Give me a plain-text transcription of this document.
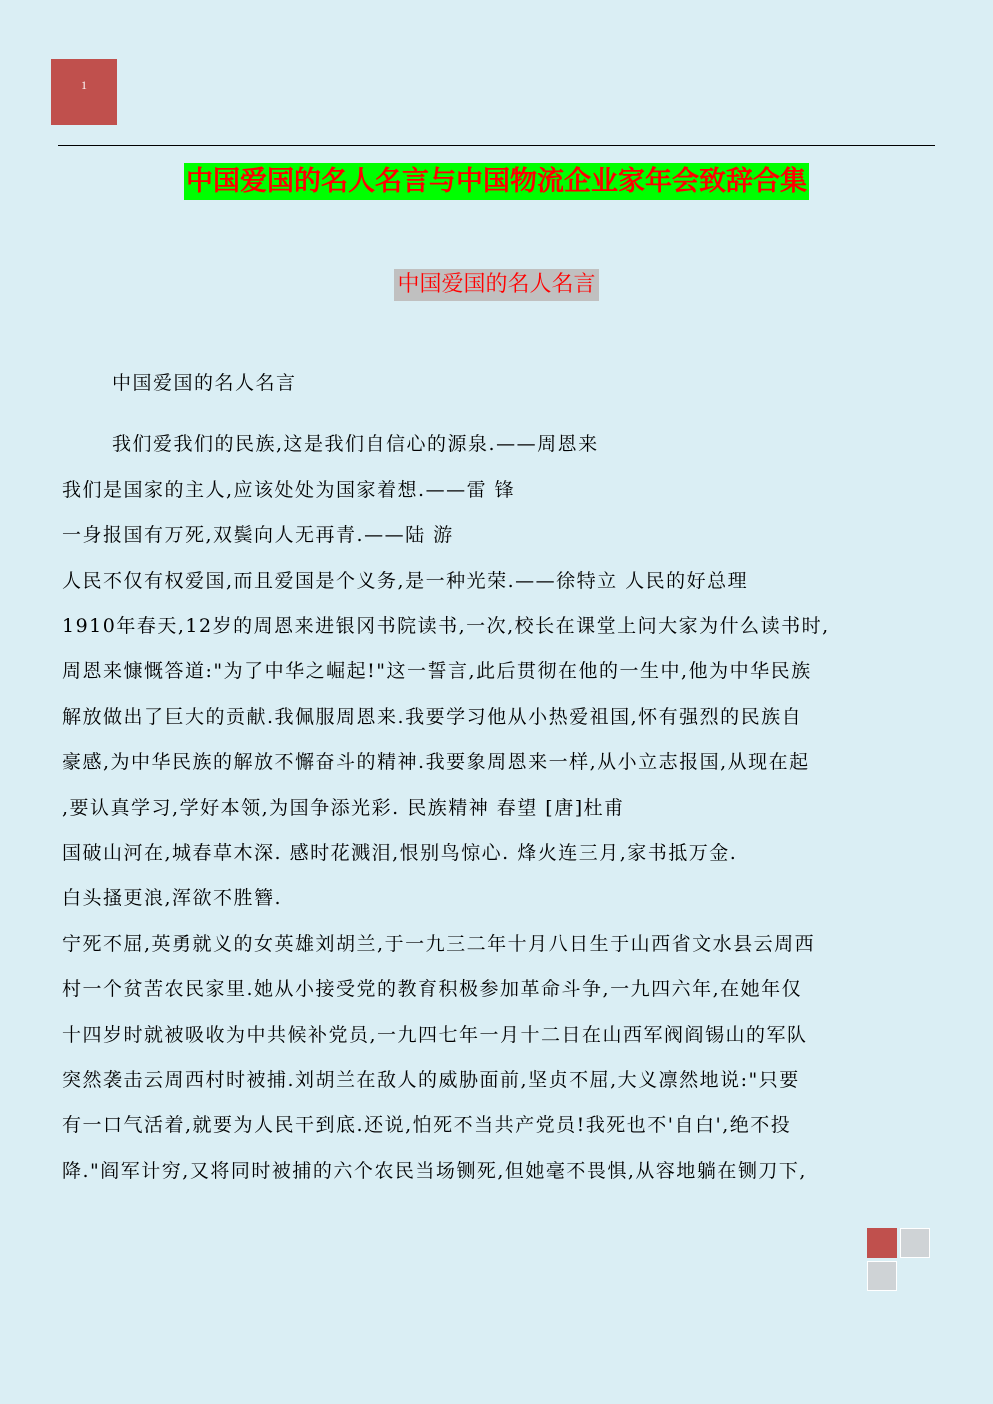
1
中国爱国的名人名言与中国物流企业家年会致辞合集
中国爱国的名人名言
中国爱国的名人名言
我们爱我们的民族,这是我们自信心的源泉.——周恩来
我们是国家的主人,应该处处为国家着想.——雷 锋
一身报国有万死,双鬓向人无再青.——陆 游
人民不仅有权爱国,而且爱国是个义务,是一种光荣.——徐特立 人民的好总理
1910年春天,12岁的周恩来进银冈书院读书,一次,校长在课堂上问大家为什么读书时,
周恩来慷慨答道:"为了中华之崛起!"这一誓言,此后贯彻在他的一生中,他为中华民族
解放做出了巨大的贡献.我佩服周恩来.我要学习他从小热爱祖国,怀有强烈的民族自
豪感,为中华民族的解放不懈奋斗的精神.我要象周恩来一样,从小立志报国,从现在起
,要认真学习,学好本领,为国争添光彩. 民族精神 春望 [唐]杜甫
国破山河在,城春草木深. 感时花溅泪,恨别鸟惊心. 烽火连三月,家书抵万金.
白头搔更浪,浑欲不胜簪.
宁死不屈,英勇就义的女英雄刘胡兰,于一九三二年十月八日生于山西省文水县云周西
村一个贫苦农民家里.她从小接受党的教育积极参加革命斗争,一九四六年,在她年仅
十四岁时就被吸收为中共候补党员,一九四七年一月十二日在山西军阀阎锡山的军队
突然袭击云周西村时被捕.刘胡兰在敌人的威胁面前,坚贞不屈,大义凛然地说:"只要
有一口气活着,就要为人民干到底.还说,怕死不当共产党员!我死也不'自白',绝不投
降."阎军计穷,又将同时被捕的六个农民当场铡死,但她毫不畏惧,从容地躺在铡刀下,
